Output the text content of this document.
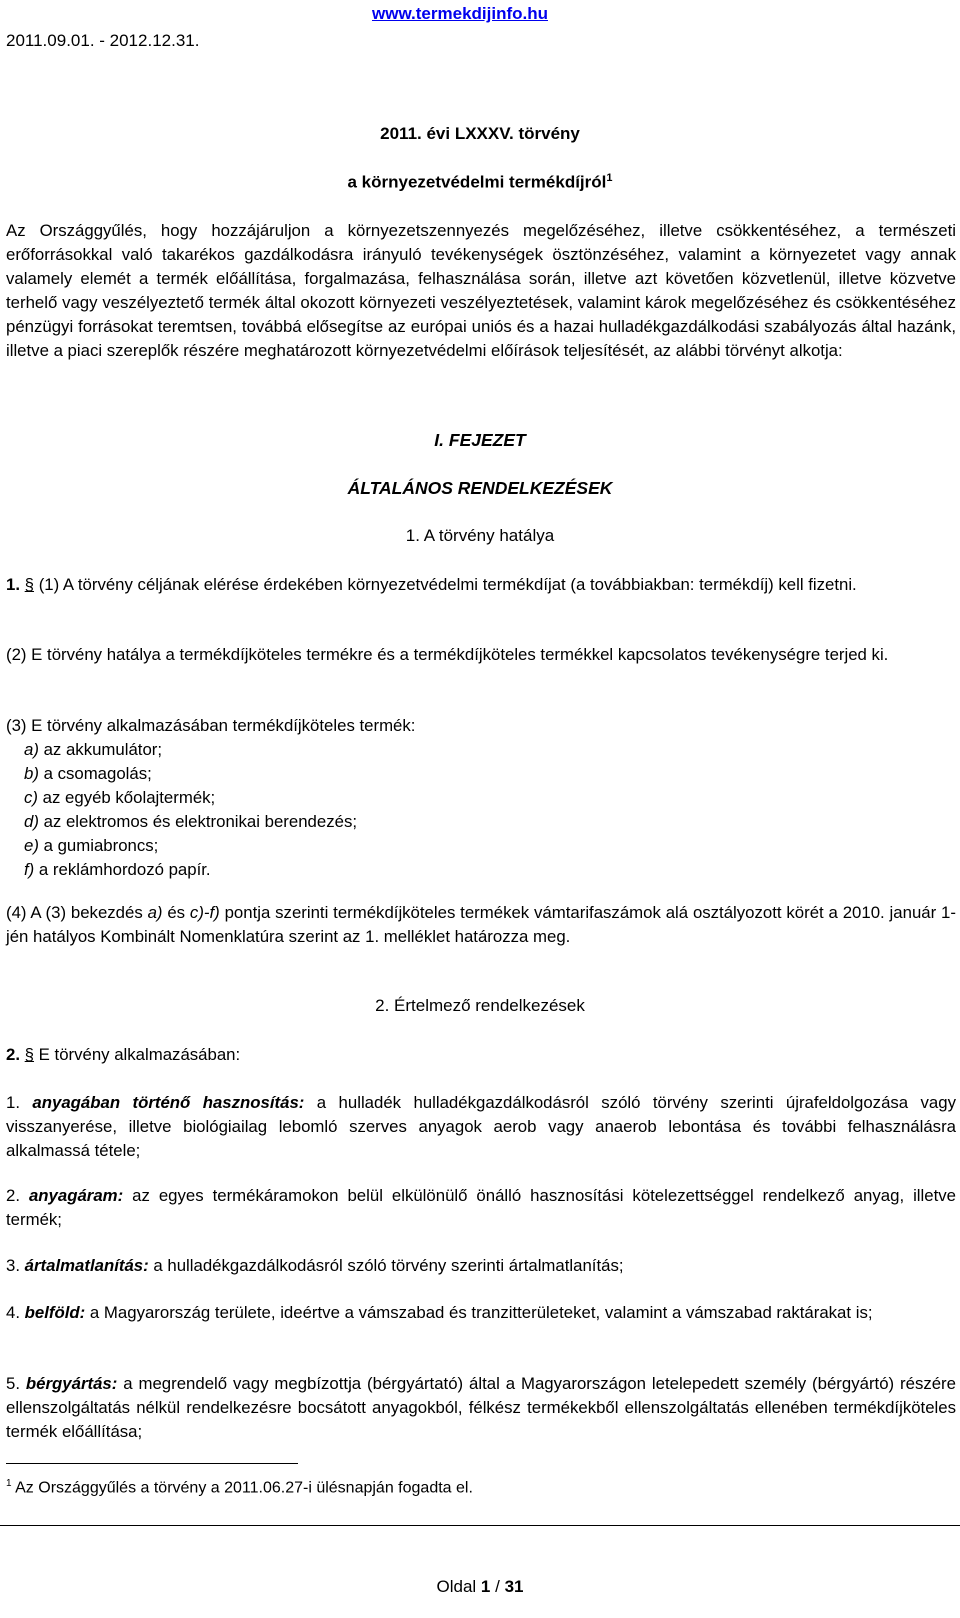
2011.09.01. - 2012.12.31.
www.termekdijinfo.hu
2011. évi LXXXV. törvény
a környezetvédelmi termékdíjról$^1$
Az Országgyűlés, hogy hozzájáruljon a környezetszennyezés megelőzéséhez, illetve csökkentéséhez, a természeti erőforrásokkal való takarékos gazdálkodásra irányuló tevékenységek ösztönzéséhez, valamint a környezetet vagy annak valamely elemét a termék előállítása, forgalmazása, felhasználása során, illetve azt követően közvetlenül, illetve közvetve terhelő vagy veszélyeztető termék által okozott környezeti veszélyeztetések, valamint károk megelőzéséhez és csökkentéséhez pénzügyi forrásokat teremtsen, továbbá elősegítse az európai uniós és a hazai hulladékgazdálkodási szabályozás által hazánk, illetve a piaci szereplők részére meghatározott környezetvédelmi előírások teljesítését, az alábbi törvényt alkotja:
I. FEJEZET
ÁLTALÁNOS RENDELKEZÉSEK
1. A törvény hatálya
1. § (1) A törvény céljának elérése érdekében környezetvédelmi termékdíjat (a továbbiakban: termékdíj) kell fizetni.
(2) E törvény hatálya a termékdíjköteles termékre és a termékdíjköteles termékkel kapcsolatos tevékenységre terjed ki.
(3) E törvény alkalmazásában termékdíjköteles termék:
a) az akkumulátor;
b) a csomagolás;
c) az egyéb kőolajtermék;
d) az elektromos és elektronikai berendezés;
e) a gumiabroncs;
f) a reklámhordozó papír.
(4) A (3) bekezdés a) és c)-f) pontja szerinti termékdíjköteles termékek vámtarifaszámok alá osztályozott körét a 2010. január 1-jén hatályos Kombinált Nomenklatúra szerint az 1. melléklet határozza meg.
2. Értelmező rendelkezések
2. § E törvény alkalmazásában:
1. anyagában történő hasznosítás: a hulladék hulladékgazdálkodásról szóló törvény szerinti újrafeldolgozása vagy visszanyerése, illetve biológiailag lebomló szerves anyagok aerob vagy anaerob lebontása és további felhasználásra alkalmassá tétele;
2. anyagáram: az egyes termékáramokon belül elkülönülő önálló hasznosítási kötelezettséggel rendelkező anyag, illetve termék;
3. ártalmatlanítás: a hulladékgazdálkodásról szóló törvény szerinti ártalmatlanítás;
4. belföld: a Magyarország területe, ideértve a vámszabad és tranzitterületeket, valamint a vámszabad raktárakat is;
5. bérgyártás: a megrendelő vagy megbízottja (bérgyártató) által a Magyarországon letelepedett személy (bérgyártó) részére ellenszolgáltatás nélkül rendelkezésre bocsátott anyagokból, félkész termékekből ellenszolgáltatás ellenében termékdíjköteles termék előállítása;
$^1$ Az Országgyűlés a törvény a 2011.06.27-i ülésnapján fogadta el.
Oldal 1 / 31
